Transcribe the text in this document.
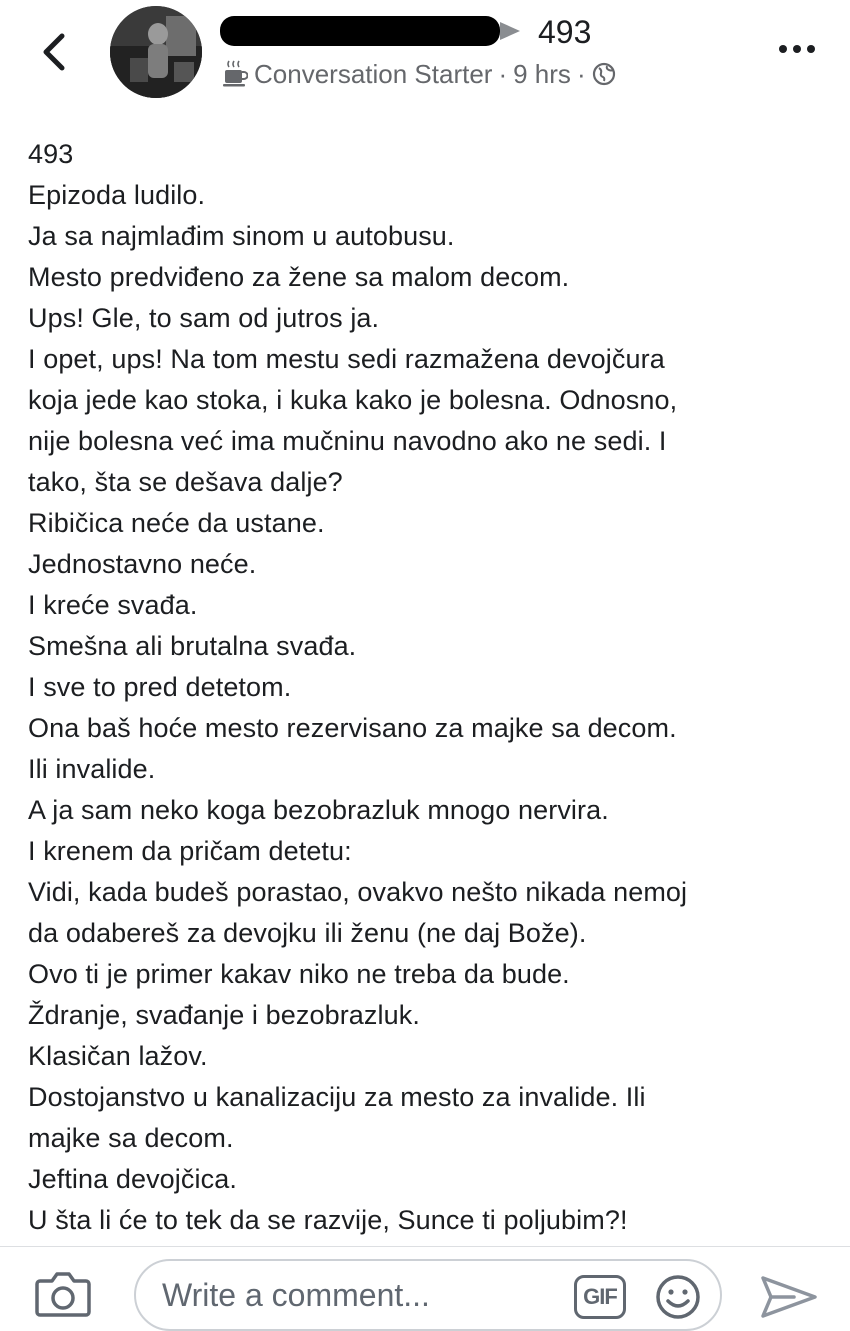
493
Conversation Starter · 9 hrs ·

493

Epizoda ludilo.

Ja sa najmlađim sinom u autobusu.

Mesto predviđeno za žene sa malom decom.

Ups! Gle, to sam od jutros ja.

I opet, ups! Na tom mestu sedi razmažena devojčura

koja jede kao stoka, i kuka kako je bolesna. Odnosno,

nije bolesna već ima mučninu navodno ako ne sedi. I

tako, šta se dešava dalje?

Ribičica neće da ustane.

Jednostavno neće.

I kreće svađa.

Smešna ali brutalna svađa.

I sve to pred detetom.

Ona baš hoće mesto rezervisano za majke sa decom.

Ili invalide.

A ja sam neko koga bezobrazluk mnogo nervira.

I krenem da pričam detetu:

Vidi, kada budeš porastao, ovakvo nešto nikada nemoj

da odabereš za devojku ili ženu (ne daj Bože).

Ovo ti je primer kakav niko ne treba da bude.

Ždranje, svađanje i bezobrazluk.

Klasičan lažov.

Dostojanstvo u kanalizaciju za mesto za invalide. Ili

majke sa decom.

Jeftina devojčica.

U šta li će to tek da se razvije, Sunce ti poljubim?!

Write a comment...
GIF
